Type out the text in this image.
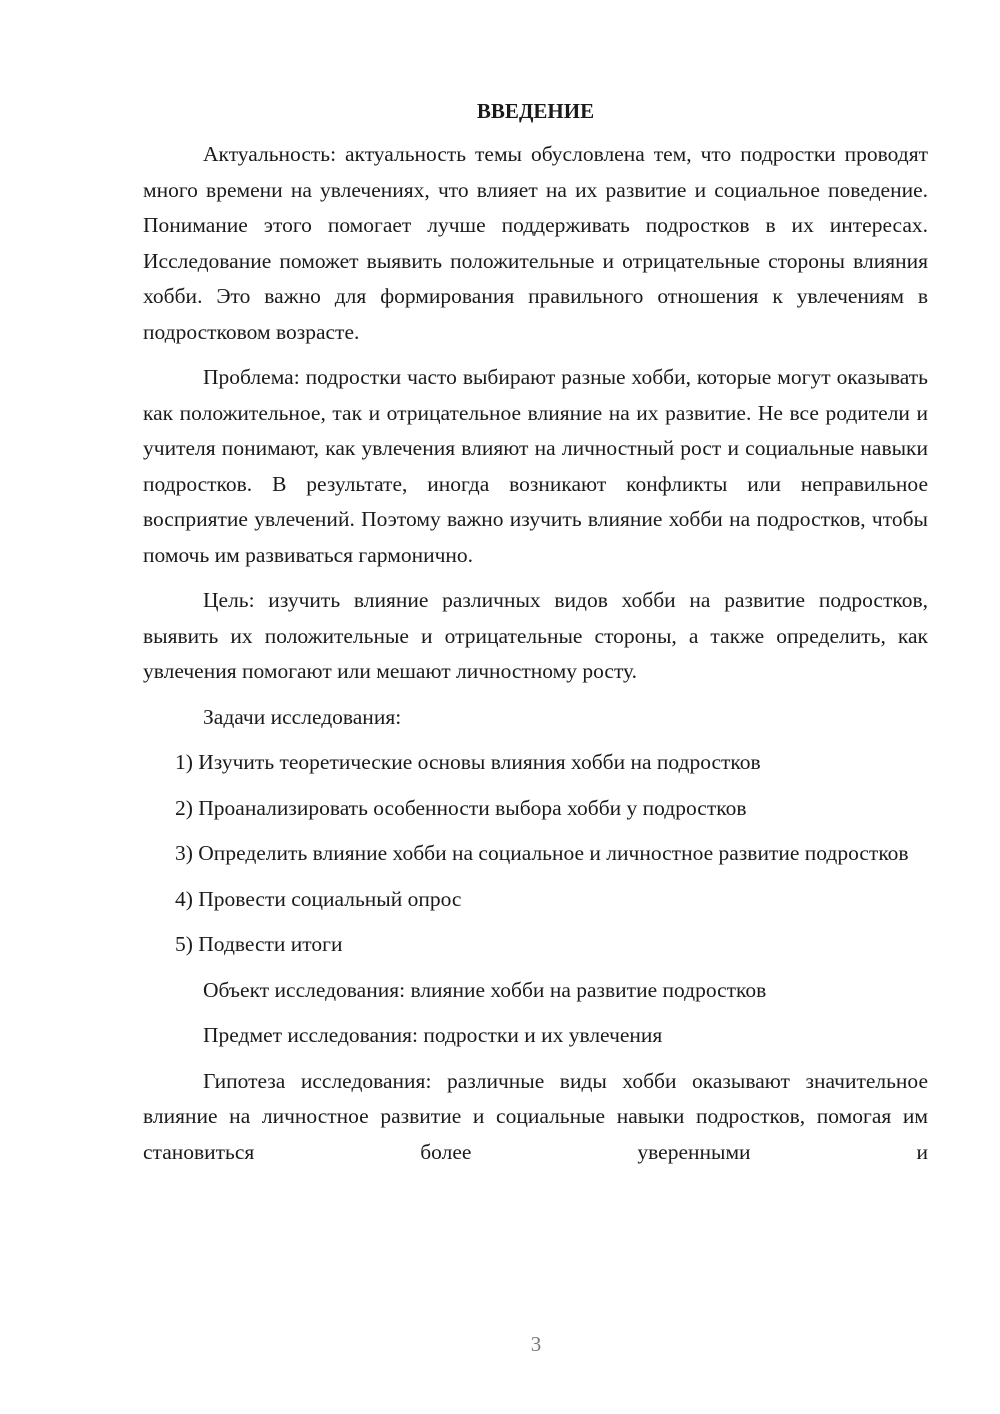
ВВЕДЕНИЕ

Актуальность: актуальность темы обусловлена тем, что подростки проводят много времени на увлечениях, что влияет на их развитие и социальное поведение. Понимание этого помогает лучше поддерживать подростков в их интересах. Исследование поможет выявить положительные и отрицательные стороны влияния хобби. Это важно для формирования правильного отношения к увлечениям в подростковом возрасте.

Проблема: подростки часто выбирают разные хобби, которые могут оказывать как положительное, так и отрицательное влияние на их развитие. Не все родители и учителя понимают, как увлечения влияют на личностный рост и социальные навыки подростков. В результате, иногда возникают конфликты или неправильное восприятие увлечений. Поэтому важно изучить влияние хобби на подростков, чтобы помочь им развиваться гармонично.

Цель: изучить влияние различных видов хобби на развитие подростков, выявить их положительные и отрицательные стороны, а также определить, как увлечения помогают или мешают личностному росту.

Задачи исследования:

1) Изучить теоретические основы влияния хобби на подростков

2) Проанализировать особенности выбора хобби у подростков

3) Определить влияние хобби на социальное и личностное развитие подростков

4) Провести социальный опрос

5) Подвести итоги

Объект исследования: влияние хобби на развитие подростков

Предмет исследования: подростки и их увлечения

Гипотеза исследования: различные виды хобби оказывают значительное влияние на личностное развитие и социальные навыки подростков, помогая им становиться более уверенными и

3
